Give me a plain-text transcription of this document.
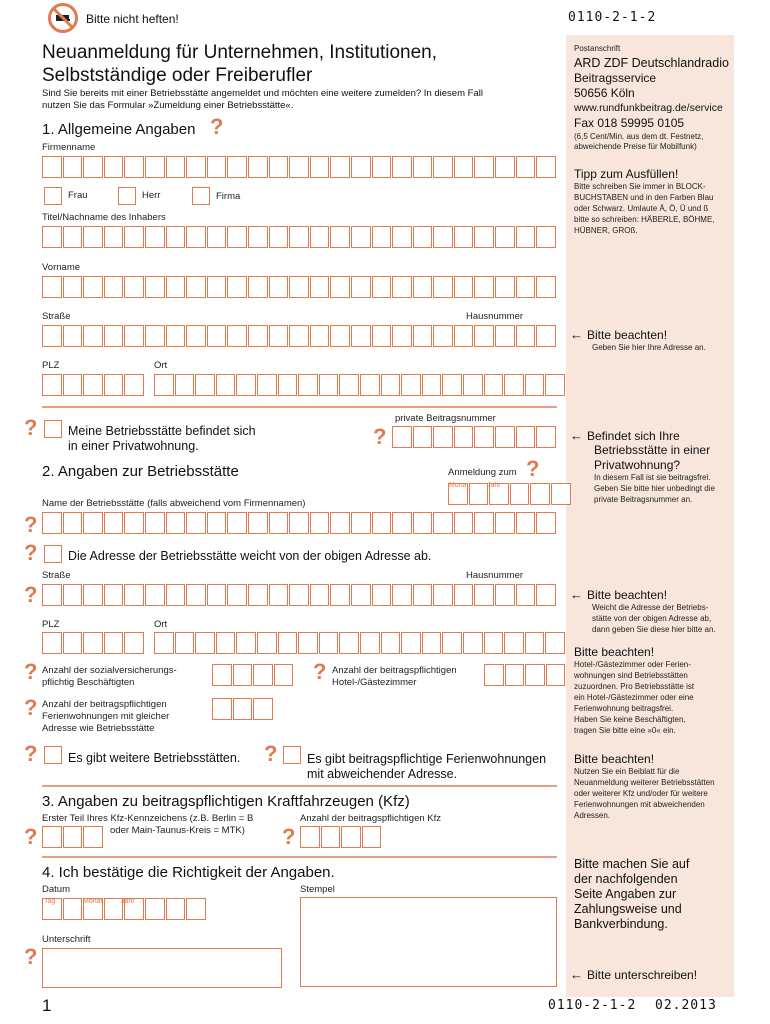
Bitte nicht heften!	0110-2-1-2
Postanschrift
ARD ZDF Deutschlandradio
Beitragsservice
50656 Köln
www.rundfunkbeitrag.de/service
Fax 018 59995 0105
(6,5 Cent/Min. aus dem dt. Festnetz,
abweichende Preise für Mobilfunk)
Tipp zum Ausfüllen!
Bitte schreiben Sie immer in BLOCK-
BUCHSTABEN und in den Farben Blau
oder Schwarz. Umlaute Ä, Ö, Ü und ß
bitte so schreiben: HÄBERLE, BÖHME,
HÜBNER, GROß.
← Bitte beachten!
Geben Sie hier Ihre Adresse an.
← Befindet sich Ihre
Betriebsstätte in einer
Privatwohnung?
In diesem Fall ist sie beitragsfrei.
Geben Sie bitte hier unbedingt die
private Beitragsnummer an.
← Bitte beachten!
Weicht die Adresse der Betriebs-
stätte von der obigen Adresse ab,
dann geben Sie diese hier bitte an.
Bitte beachten!
Hotel-/Gästezimmer oder Ferien-
wohnungen sind Betriebsstätten
zuzuordnen. Pro Betriebsstätte ist
ein Hotel-/Gästezimmer oder eine
Ferienwohnung beitragsfrei.
Haben Sie keine Beschäftigten,
tragen Sie bitte eine »0« ein.
Bitte beachten!
Nutzen Sie ein Beiblatt für die
Neuanmeldung weiterer Betriebsstätten
oder weiterer Kfz und/oder für weitere
Ferienwohnungen mit abweichenden
Adressen.
Bitte machen Sie auf
der nachfolgenden
Seite Angaben zur
Zahlungsweise und
Bankverbindung.
← Bitte unterschreiben!
Neuanmeldung für Unternehmen, Institutionen,
Selbstständige oder Freiberufler
Sind Sie bereits mit einer Betriebsstätte angemeldet und möchten eine weitere zumelden? In diesem Fall
nutzen Sie das Formular »Zumeldung einer Betriebsstätte«.
1. Allgemeine Angaben ?
Firmenname
Frau	Herr	Firma
Titel/Nachname des Inhabers
Vorname
Straße	Hausnummer
PLZ	Ort
? Meine Betriebsstätte befindet sich
in einer Privatwohnung.
private Beitragsnummer
?
2. Angaben zur Betriebsstätte	Anmeldung zum ?
Monat	Jahr
Name der Betriebsstätte (falls abweichend vom Firmennamen)
?
? Die Adresse der Betriebsstätte weicht von der obigen Adresse ab.
Straße	Hausnummer
?
PLZ	Ort
? Anzahl der sozialversicherungs-
pflichtig Beschäftigten	? Anzahl der beitragspflichtigen
Hotel-/Gästezimmer
? Anzahl der beitragspflichtigen
Ferienwohnungen mit gleicher
Adresse wie Betriebsstätte
? Es gibt weitere Betriebsstätten. ? Es gibt beitragspflichtige Ferienwohnungen
mit abweichender Adresse.
3. Angaben zu beitragspflichtigen Kraftfahrzeugen (Kfz)
Erster Teil Ihres Kfz-Kennzeichens (z.B. Berlin = B
oder Main-Taunus-Kreis = MTK)
Anzahl der beitragspflichtigen Kfz
?	?
4. Ich bestätige die Richtigkeit der Angaben.
Datum	Stempel
Tag	Monat	Jahr
Unterschrift
?
1	0110-2-1-2 02.2013
